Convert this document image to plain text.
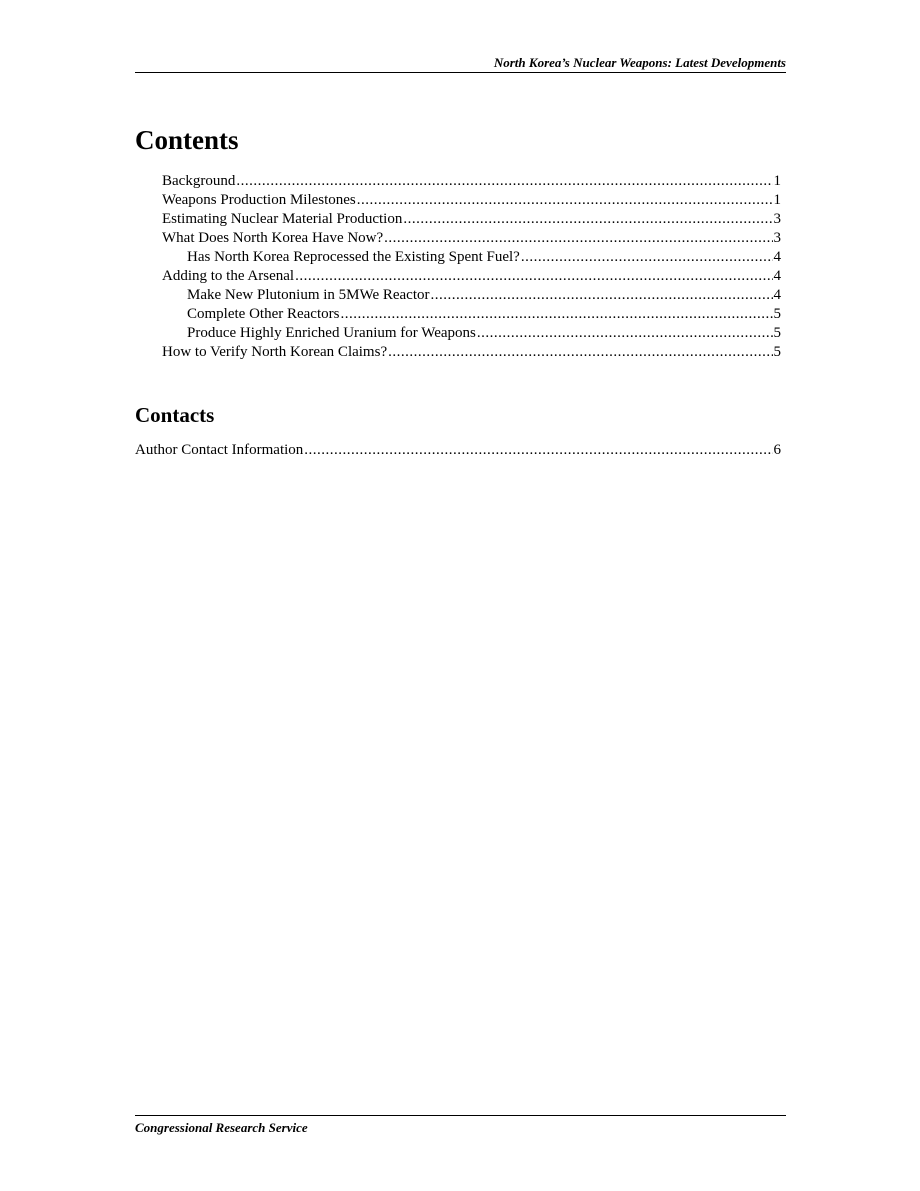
North Korea’s Nuclear Weapons: Latest Developments
Contents
Background .....	1
Weapons Production Milestones .....	1
Estimating Nuclear Material Production .....	3
What Does North Korea Have Now? .....	3
Has North Korea Reprocessed the Existing Spent Fuel? .....	4
Adding to the Arsenal .....	4
Make New Plutonium in 5MWe Reactor .....	4
Complete Other Reactors .....	5
Produce Highly Enriched Uranium for Weapons .....	5
How to Verify North Korean Claims? .....	5
Contacts
Author Contact Information .....	6
Congressional Research Service
